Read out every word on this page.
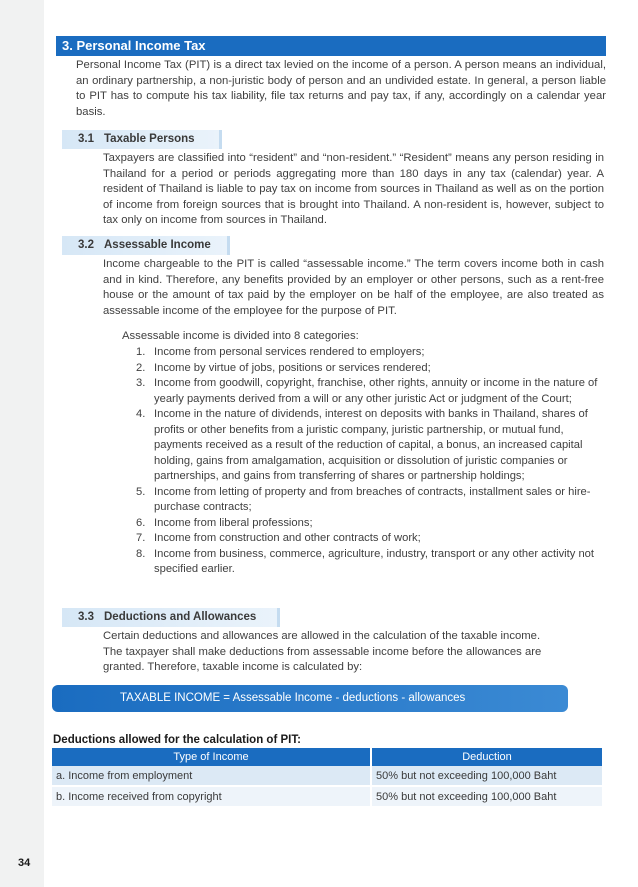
34
3. Personal Income Tax
Personal Income Tax (PIT) is a direct tax levied on the income of a person. A person means an individual, an ordinary partnership, a non-juristic body of person and an undivided estate. In general, a person liable to PIT has to compute his tax liability, file tax returns and pay tax, if any, accordingly on a calendar year basis.
3.1 Taxable Persons
Taxpayers are classified into “resident” and “non-resident.” “Resident” means any person residing in Thailand for a period or periods aggregating more than 180 days in any tax (calendar) year. A resident of Thailand is liable to pay tax on income from sources in Thailand as well as on the portion of income from foreign sources that is brought into Thailand. A non-resident is, however, subject to tax only on income from sources in Thailand.
3.2 Assessable Income
Income chargeable to the PIT is called “assessable income.” The term covers income both in cash and in kind. Therefore, any benefits provided by an employer or other persons, such as a rent-free house or the amount of tax paid by the employer on be half of the employee, are also treated as assessable income of the employee for the purpose of PIT.
Assessable income is divided into 8 categories:
1. Income from personal services rendered to employers;
2. Income by virtue of jobs, positions or services rendered;
3. Income from goodwill, copyright, franchise, other rights, annuity or income in the nature of yearly payments derived from a will or any other juristic Act or judgment of the Court;
4. Income in the nature of dividends, interest on deposits with banks in Thailand, shares of profits or other benefits from a juristic company, juristic partnership, or mutual fund, payments received as a result of the reduction of capital, a bonus, an increased capital holding, gains from amalgamation, acquisition or dissolution of juristic companies or partnerships, and gains from transferring of shares or partnership holdings;
5. Income from letting of property and from breaches of contracts, installment sales or hire-purchase contracts;
6. Income from liberal professions;
7. Income from construction and other contracts of work;
8. Income from business, commerce, agriculture, industry, transport or any other activity not specified earlier.
3.3 Deductions and Allowances
Certain deductions and allowances are allowed in the calculation of the taxable income. The taxpayer shall make deductions from assessable income before the allowances are granted. Therefore, taxable income is calculated by:
TAXABLE INCOME = Assessable Income - deductions - allowances
Deductions allowed for the calculation of PIT:
Type of Income	Deduction
a. Income from employment	50% but not exceeding 100,000 Baht
b. Income received from copyright	50% but not exceeding 100,000 Baht
